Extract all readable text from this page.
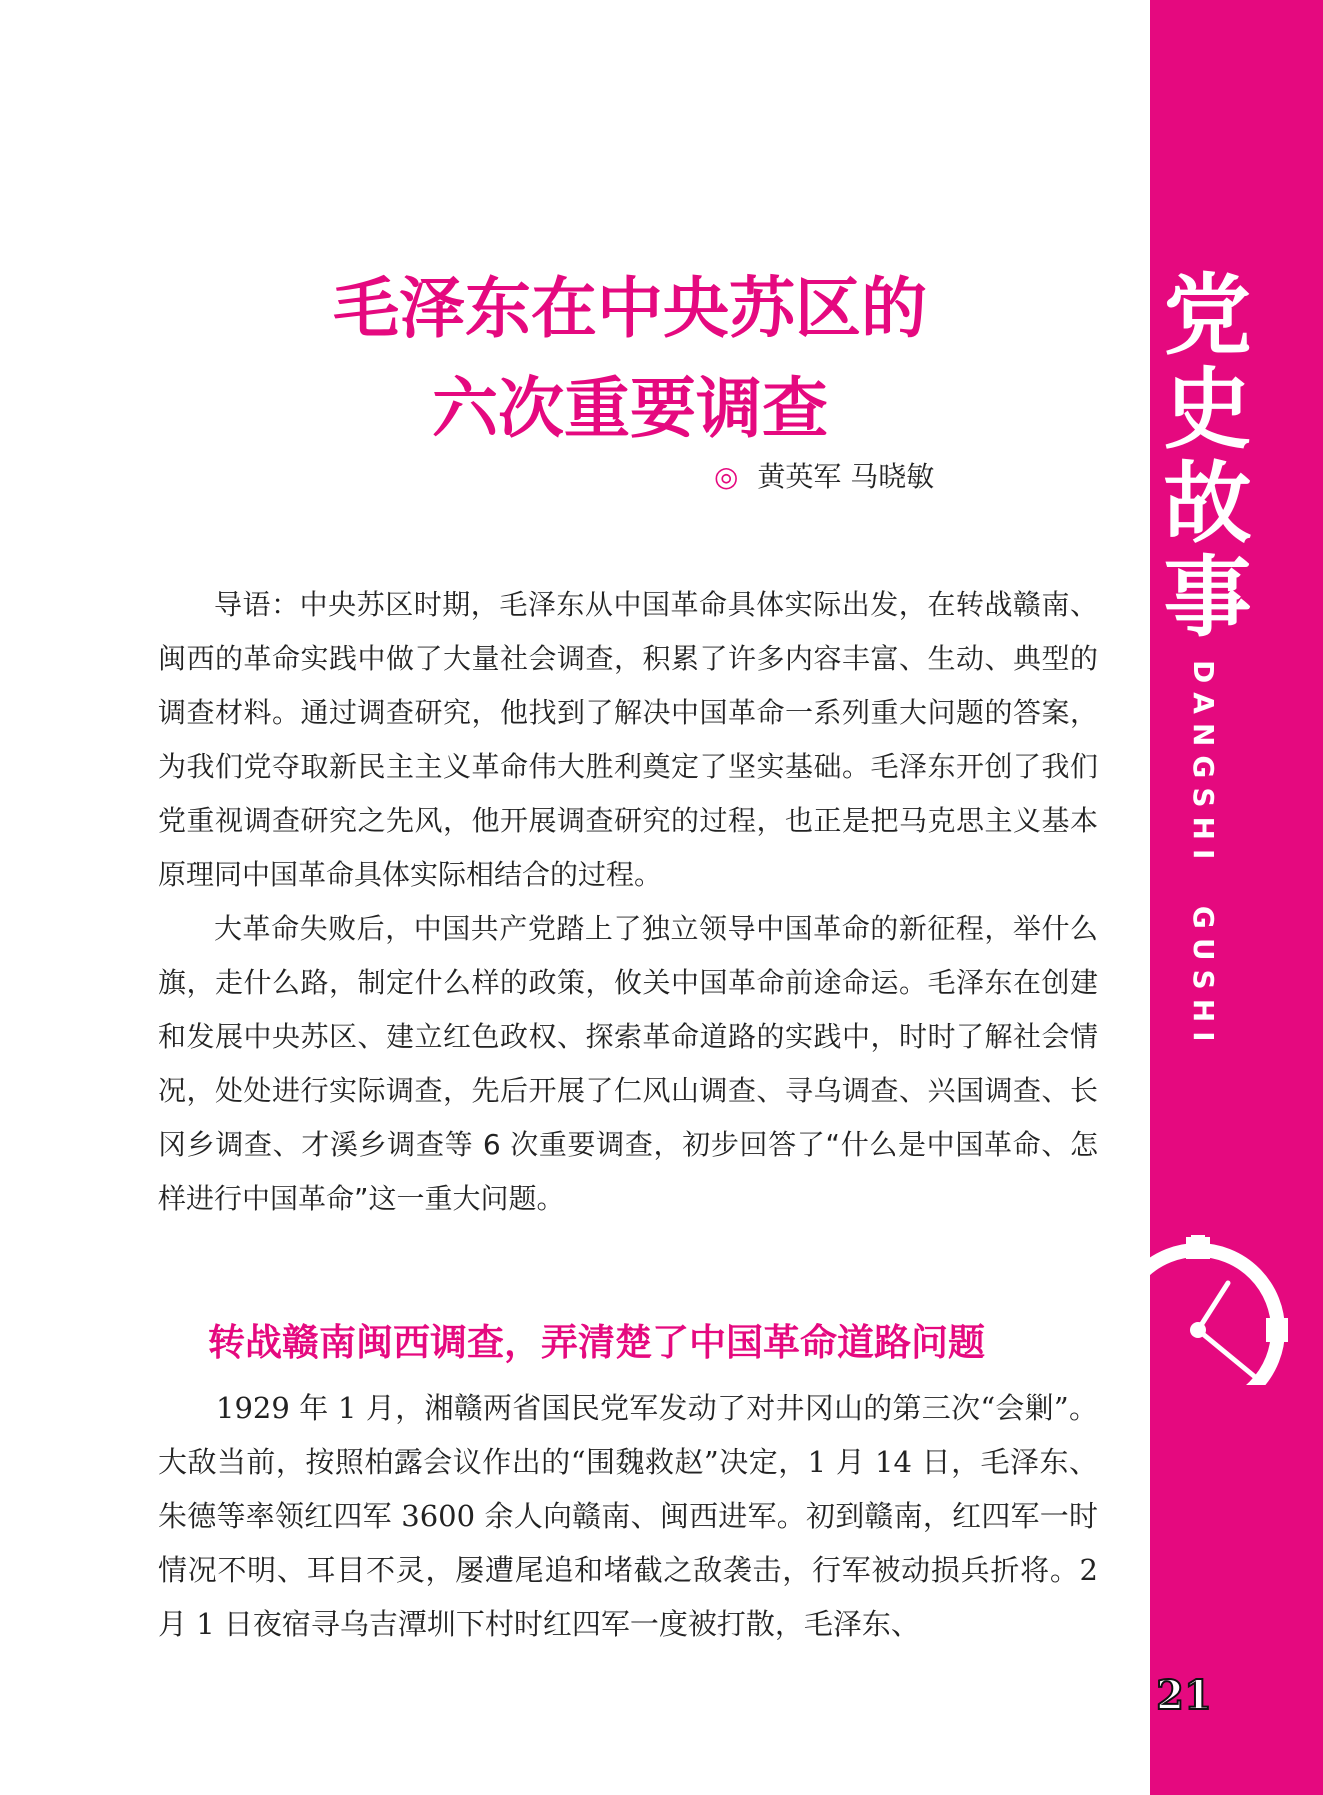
党
史
故
事
DANGSHI  GUSHI
21
毛泽东在中央苏区的
六次重要调查
◎ 黄英军 马晓敏

导语：中央苏区时期，毛泽东从中国革命具体实际出发，在转战赣南、闽西的革命实践中做了大量社会调查，积累了许多内容丰富、生动、典型的调查材料。通过调查研究，他找到了解决中国革命一系列重大问题的答案，为我们党夺取新民主主义革命伟大胜利奠定了坚实基础。毛泽东开创了我们党重视调查研究之先风，他开展调查研究的过程，也正是把马克思主义基本原理同中国革命具体实际相结合的过程。

大革命失败后，中国共产党踏上了独立领导中国革命的新征程，举什么旗，走什么路，制定什么样的政策，攸关中国革命前途命运。毛泽东在创建和发展中央苏区、建立红色政权、探索革命道路的实践中，时时了解社会情况，处处进行实际调查，先后开展了仁风山调查、寻乌调查、兴国调查、长冈乡调查、才溪乡调查等 6 次重要调查，初步回答了“什么是中国革命、怎样进行中国革命”这一重大问题。

转战赣南闽西调查，弄清楚了中国革命道路问题

1929 年 1 月，湘赣两省国民党军发动了对井冈山的第三次“会剿”。大敌当前，按照柏露会议作出的“围魏救赵”决定，1 月 14 日，毛泽东、朱德等率领红四军 3600 余人向赣南、闽西进军。初到赣南，红四军一时情况不明、耳目不灵，屡遭尾追和堵截之敌袭击，行军被动损兵折将。2 月 1 日夜宿寻乌吉潭圳下村时红四军一度被打散，毛泽东、
